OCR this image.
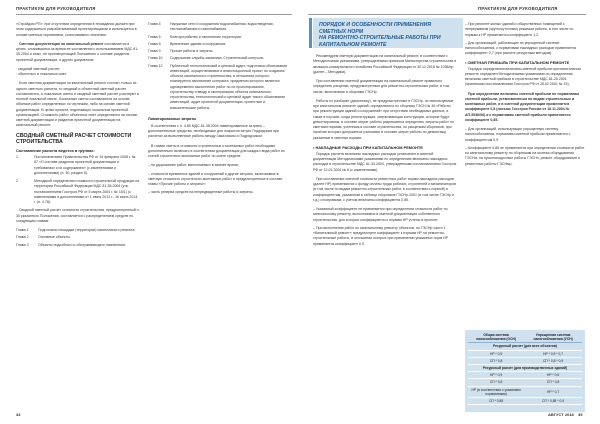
ПРАКТИКУМ ДЛЯ РУКОВОДИТЕЛЯ

«Стройдом РП», при отсутствии определения в техзадании должен при этом содержаться разрабатываемый проектировщиком и используется в основе сметных нормативов, сопоставимого значения.

Сметная документация на капитальный ремонт составляется в целях, сложившихся за время ее составления с использованием МДС 81-35.2004 и иных, не противоречащей Положению о составе разделов проектной документации, и других документов:

· сводный сметный расчет;
· объектных и локальных смет.

Если сметная документация на капитальный ремонт состоит только из одного сметного расчета, то сводный и объектный сметный расчет составляются, а локальные сметы и сводный сметный расчет участвуют в полной локальной смете. Локальные сметы составляются на основе объемов работ определенных по чертежам, либо на основе сметной документации. В целях проекта, подлежащих локальном проектной организацией. Стоимость работ объектных смет определяется на основе сметной документации и разделов проектной документации на капитальный ремонт.

СВОДНЫЙ СМЕТНЫЙ РАСЧЕТ СТОИМОСТИ СТРОИТЕЛЬСТВА
Составление расчета ведется в группах:
1	Постановлением Правительства РФ от 16 февраля 2008 г. № 87 «О составе разделов проектной документации и требованиях к их содержанию» (с изменениями и дополнениями) (п. 30, раздел 8).
2	Методикой определения стоимости строительной продукции на территории Российской Федерации МДС 81-35.2004 (утв. постановлением Госстроя РФ от 5 марта 2004 г. № 15/1) (с изменениями и дополнениями от 1 июня 2012 г., 16 июня 2014 г. (п. 4.78).

Сводный сметный расчет стоимости строительства, предусмотренный п. 30 указанного Положения, составляется с распределением средств по следующим главам:

Глава 1	Подготовка площадки (территории) капитального ремонта.
Глава 2	Основные объекты.
Глава 3	Объекты подсобного и обслуживающего назначения.
Глава 4	Наружные сети и сооружения водоснабжения, водоотведения, теплоснабжения и газоснабжения.
Глава 5	Благоустройство и озеленение территории.
Глава 8	Временные здания и сооружения.
Глава 9	Прочие работы и затраты.
Глава 10	Содержание службы заказчика. Строительный контроль.
Глава 12	Публичный технологический и ценовой аудит, подготовка обоснования инвестиций, осуществляемых в инвестиционный проект по созданию объекта капитального строительства, в отношении которого планируется заключение контракта, предметом которого является одновременно выполнение работ по их проектированию, строительству и вводу в эксплуатацию объекта капитального строительства, технологический и ценовой аудит такого обоснования инвестиций, аудит проектной документации, проектные и изыскательские работы.
Лимитированные затраты

В соответствии с п. 4.85 МДС 81-35.2004 лимитированные затраты – дополнительные средства, необходимые для покрытия затрат Подрядчика при расчетах за выполненные работы между Заказчиком и Подрядчиком.

В главах сметы в стоимости строительных и монтажных работ необходимо дополнительно включать в соответствии документация для каждого вида работ из статей строительно-монтажных работ по смете средств:

– на удорожание работ, выполняемых в зимнее время;
– стоимости временных зданий и сооружений и другие затраты, включаемые в сметную стоимость строительно-монтажных работ и предусмотренные в составе главы «Прочие работы и затраты»;
– часть резерва средств на непредвиденные работы и затраты.
34
ПРАКТИКУМ ДЛЯ РУКОВОДИТЕЛЯ
ПОРЯДОК И ОСОБЕННОСТИ ПРИМЕНЕНИЯ СМЕТНЫХ НОРМ
НА РЕМОНТНО-СТРОИТЕЛЬНЫЕ РАБОТЫ ПРИ КАПИТАЛЬНОМ РЕМОНТЕ

Рекомендуем сметную документацию на капитальный ремонт, в соответствии с Методическими указаниями, утвержденными приказом Министерства строительства и жилищно-коммунального хозяйства Российской Федерации от 30.12.2016 № 1038/пр (далее – Методика).

При составлении сметной документации на капитальный ремонт правильно определить расценки, предусмотренные для ремонтно-строительных работ, в том числе, включенные в сборники ГЭСНр.

Работы по разборке (демонтажу), не предусмотренные в ГЭСНр, но используемые при капитальном ремонте зданий, определяются по сборнику ГЭСН № 46 «Работы при реконструкции зданий и сооружений» при отсутствии необходимых данных, а также в случаях, когда реконструкция, затрагивающая конструкции, которые будут демонтированы, в составе затрат работы разрешается определять затраты работ по сметным нормам, учтенным в составе строительства, по расценкам сборников, при наличии которых допускается учитывать в составе затрат работы по демонтажу, указанные в сметных нормах.

• НАКЛАДНЫЕ РАСХОДЫ ПРИ КАПИТАЛЬНОМ РЕМОНТЕ

Порядок расчета величины накладных расходов установлен в сметной документации Методическими указаниями по определению величины накладных расходов в строительстве МДС 81-33.2004, утвержденными постановлением Госстроя РФ от 12.01.2004 № 6 (с изменениями).

При составлении сметной стоимости ремонтных работ нормы накладных расходов (далее НР) применяются к фонду оплаты труда рабочих, строителей и механизаторов (в том числе по видам ремонтно-строительных работ, в соответствии с нормой) и коэффициентам, указанным в таблице сборников ГЭСНр-2001 (в том числе ГЭСНр и т.д.) и поправкам, с учетом величины коэффициента 0,85.

– Указанный коэффициент не применяется при определении стоимости работ по капитальному ремонту, выполняемых в сметной документации собственного строительства, для которых коэффициенты к нормам НР учтены в проекте;
– При выполнении работ по капитальному ремонту объектов, по ГЭСНр части 1 «Капитальный ремонт» предусмотрен коэффициент к нормам НР на ремонтно-строительные работы, в отношении которых при применении указанных норм НР применяется коэффициент 0,9.
– При ремонте жилых зданий и общественных помещений с непрерывным (круглосуточным) режимом работы, в том числе по нормам к НР применяется коэффициент 1,2.
– Для организаций, работающих по упрощенной системе налогообложения, к нормативам накладных расходов применяется коэффициент 0,7 (при расчете ресурсным методом).
• СМЕТНАЯ ПРИБЫЛЬ ПРИ КАПИТАЛЬНОМ РЕМОНТЕ

Порядок определения величины сметной прибыли при капитальном ремонте определен Методическими указаниями по определению величины сметной прибыли в строительстве МДС 81-25.2001 (принятыми постановлением Госстроя РФ от 28.02.2001 № 15).

При определении величины сметной прибыли по нормативам сметной прибыли, установленным по видам строительных и монтажных работ, и в сметной документации применяется коэффициент 0,8 (письмо Госстроя России от 18.11.2004 № АП-5536/06) и к нормативам сметной прибыли применяется коэффициент 0,85.

– Для организаций, использующих упрощенную систему налогообложения, нормативы сметной прибыли применяются с коэффициентом 0,9.
– Коэффициент 0,85 не применяется при определении стоимости работ по капитальному ремонту по сборникам на монтаж оборудования ГЭСНм, на пусконаладочные работы ГЭСНп, ремонт оборудования и ремонтные работы ГЭСНмр.
Общая система налогообложения (ОСН)	Упрощенная система налогообложения (УСН)
Ресурсный расчет (для всех объектов)	
НР * 0,9	НР * 0,9 * 0,7
СП * 0,8	СП * 0,8 * 0,9
Ресурсный расчет (для производственных зданий)	
НР * 0,9	НР * 0,9
СП * 0,8	СП * 0,8
НР (в соответствии с указанием нормативами)	НР * 0,7
СП * 0,85	СП * 0,85 * 0,9
АВГУСТ 2018 35
